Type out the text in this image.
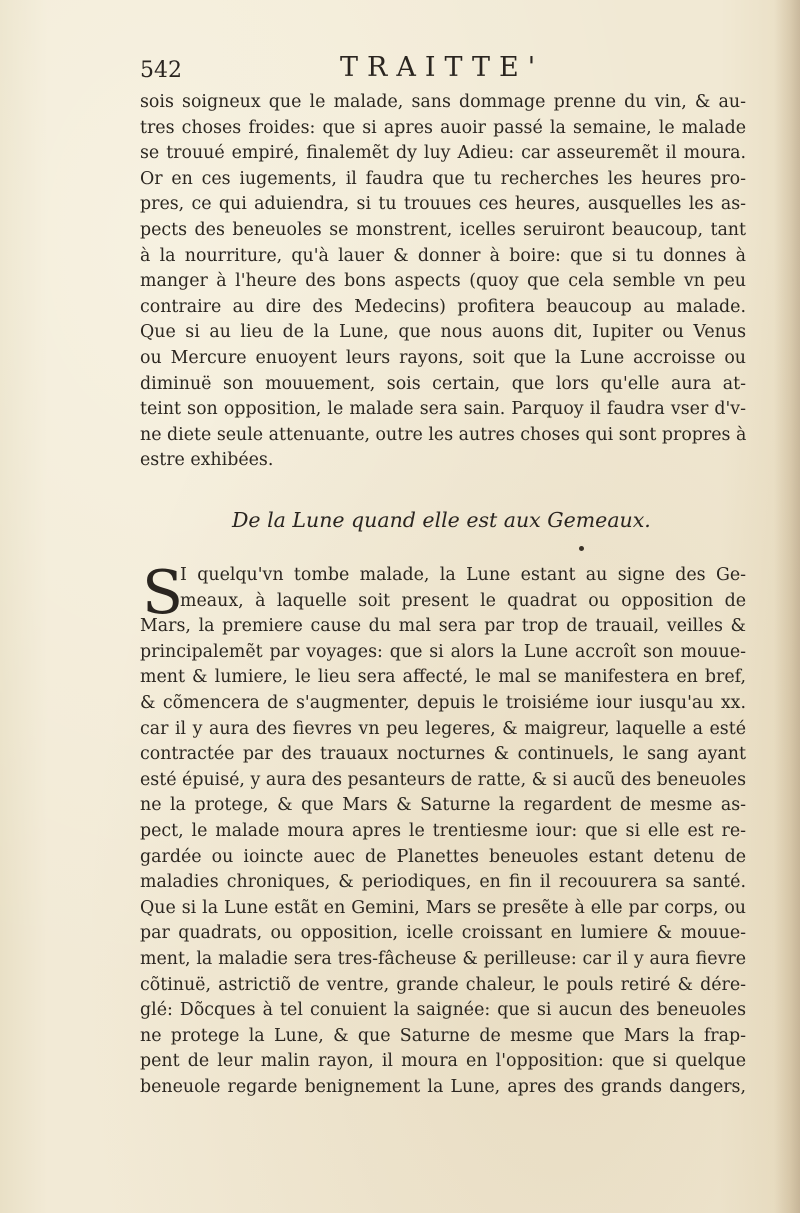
542	TRAITTE'
sois soigneux que le malade, sans dommage prenne du vin, & au-
tres choses froides: que si apres auoir passé la semaine, le malade
se trouué empiré, finalemẽt dy luy Adieu: car asseuremẽt il moura.
Or en ces iugements, il faudra que tu recherches les heures pro-
pres, ce qui aduiendra, si tu trouues ces heures, ausquelles les as-
pects des beneuoles se monstrent, icelles seruiront beaucoup, tant
à la nourriture, qu'à lauer & donner à boire: que si tu donnes à
manger à l'heure des bons aspects (quoy que cela semble vn peu
contraire au dire des Medecins) profitera beaucoup au malade.
Que si au lieu de la Lune, que nous auons dit, Iupiter ou Venus
ou Mercure enuoyent leurs rayons, soit que la Lune accroisse ou
diminuë son mouuement, sois certain, que lors qu'elle aura at-
teint son opposition, le malade sera sain. Parquoy il faudra vser d'v-
ne diete seule attenuante, outre les autres choses qui sont propres à
estre exhibées.
De la Lune quand elle est aux Gemeaux.
S
I quelqu'vn tombe malade, la Lune estant au signe des Ge-
meaux, à laquelle soit present le quadrat ou opposition de
Mars, la premiere cause du mal sera par trop de trauail, veilles &
principalemẽt par voyages: que si alors la Lune accroît son mouue-
ment & lumiere, le lieu sera affecté, le mal se manifestera en bref,
& cõmencera de s'augmenter, depuis le troisiéme iour iusqu'au xx.
car il y aura des fievres vn peu legeres, & maigreur, laquelle a esté
contractée par des trauaux nocturnes & continuels, le sang ayant
esté épuisé, y aura des pesanteurs de ratte, & si aucũ des beneuoles
ne la protege, & que Mars & Saturne la regardent de mesme as-
pect, le malade moura apres le trentiesme iour: que si elle est re-
gardée ou ioincte auec de Planettes beneuoles estant detenu de
maladies chroniques, & periodiques, en fin il recouurera sa santé.
Que si la Lune estãt en Gemini, Mars se presẽte à elle par corps, ou
par quadrats, ou opposition, icelle croissant en lumiere & mouue-
ment, la maladie sera tres-fâcheuse & perilleuse: car il y aura fievre
cõtinuë, astrictiõ de ventre, grande chaleur, le pouls retiré & dére-
glé: Dõcques à tel conuient la saignée: que si aucun des beneuoles
ne protege la Lune, & que Saturne de mesme que Mars la frap-
pent de leur malin rayon, il moura en l'opposition: que si quelque
beneuole regarde benignement la Lune, apres des grands dangers,
